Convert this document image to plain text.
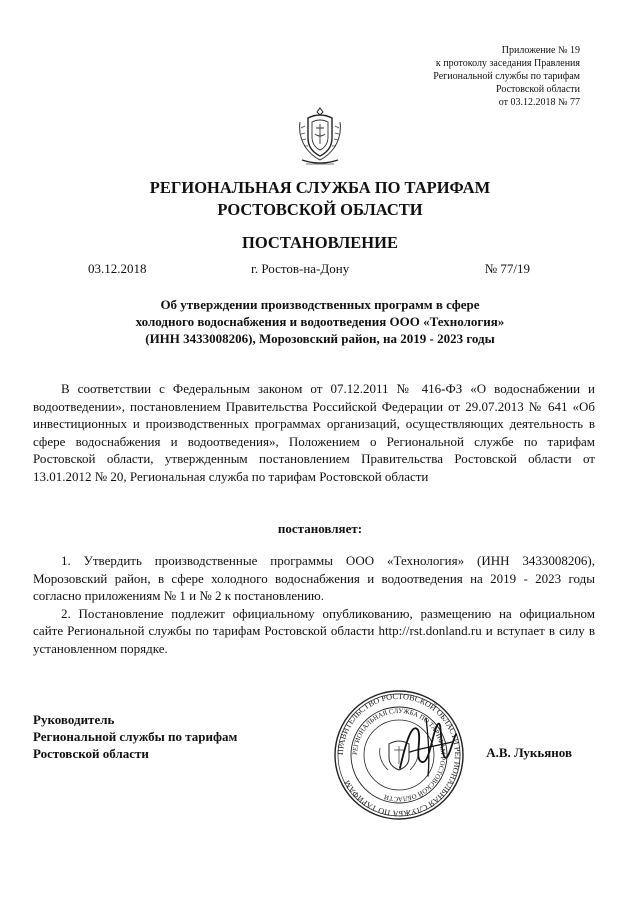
Приложение № 19
к протоколу заседания Правления
Региональной службы по тарифам
Ростовской области
от 03.12.2018 № 77
РЕГИОНАЛЬНАЯ СЛУЖБА ПО ТАРИФАМ
РОСТОВСКОЙ ОБЛАСТИ
ПОСТАНОВЛЕНИЕ
03.12.2018	г. Ростов-на-Дону	№ 77/19
Об утверждении производственных программ в сфере
холодного водоснабжения и водоотведения ООО «Технология»
(ИНН 3433008206), Морозовский район, на 2019 - 2023 годы

В соответствии с Федеральным законом от 07.12.2011 № 416-ФЗ «О водоснабжении и водоотведении», постановлением Правительства Российской Федерации от 29.07.2013 № 641 «Об инвестиционных и производственных программах организаций, осуществляющих деятельность в сфере водоснабжения и водоотведения», Положением о Региональной службе по тарифам Ростовской области, утвержденным постановлением Правительства Ростовской области от 13.01.2012 № 20, Региональная служба по тарифам Ростовской области

постановляет:

1. Утвердить производственные программы ООО «Технология» (ИНН 3433008206), Морозовский район, в сфере холодного водоснабжения и водоотведения на 2019 - 2023 годы согласно приложениям № 1 и № 2 к постановлению.

2. Постановление подлежит официальному опубликованию, размещению на официальном сайте Региональной службы по тарифам Ростовской области http://rst.donland.ru и вступает в силу в установленном порядке.

Руководитель
Региональной службы по тарифам
Ростовской области	ПРАВИТЕЛЬСТВО РОСТОВСКОЙ ОБЛАСТИ РЕГИОНАЛЬНАЯ СЛУЖБА ПО ТАРИФАМ
РЕГИОНАЛЬНАЯ СЛУЖБА ПО ТАРИФАМ РОСТОВСКОЙ ОБЛАСТИ
А.В. Лукьянов
